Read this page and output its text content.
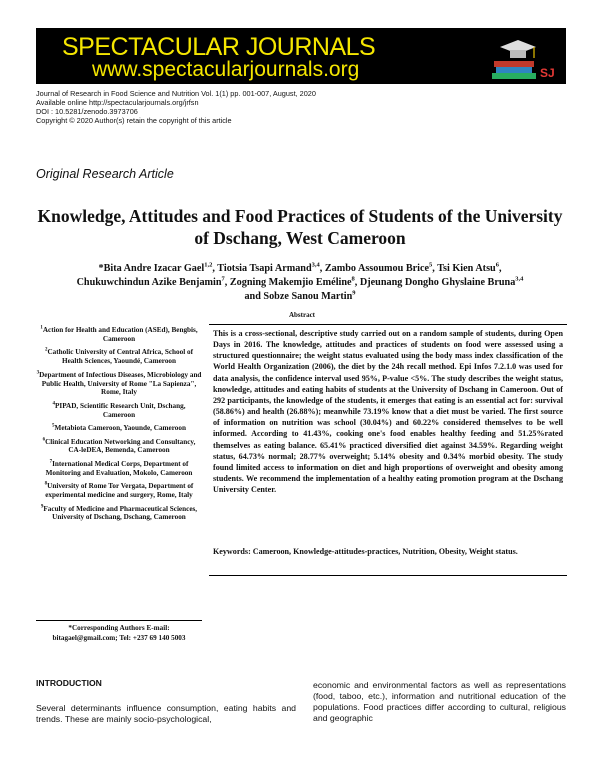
SPECTACULAR JOURNALS
www.spectacularjournals.org	SJ
Journal of Research in Food Science and Nutrition Vol. 1(1) pp. 001-007, August, 2020
Available online http://spectacularjournals.org/jrfsn
DOI : 10.5281/zenodo.3973706
Copyright © 2020 Author(s) retain the copyright of this article
Original Research Article
Knowledge, Attitudes and Food Practices of Students of the University of Dschang, West Cameroon
*Bita Andre Izacar Gael$^{1,2}$, Tiotsia Tsapi Armand$^{3,4}$, Zambo Assoumou Brice$^5$, Tsi Kien Atsu$^6$,
Chukuwchindun Azike Benjamin$^7$, Zogning Makemjio Eméline$^8$, Djeunang Dongho Ghyslaine Bruna$^{3,4}$
and Sobze Sanou Martin$^9$
Abstract

$^1$Action for Health and Education (ASEd), Bengbis, Cameroon

$^2$Catholic University of Central Africa, School of Health Sciences, Yaoundé, Cameroon

$^3$Department of Infectious Diseases, Microbiology and Public Health, University of Rome "La Sapienza", Rome, Italy

$^4$PIPAD, Scientific Research Unit, Dschang, Cameroon

$^5$Metabiota Cameroon, Yaounde, Cameroon

$^6$Clinical Education Networking and Consultancy, CA-leDEA, Bemenda, Cameroon

$^7$International Medical Corps, Department of Monitoring and Evaluation, Mokolo, Cameroon

$^8$University of Rome Tor Vergata, Department of experimental medicine and surgery, Rome, Italy

$^9$Faculty of Medicine and Pharmaceutical Sciences, University of Dschang, Dschang, Cameroon

*Corresponding Authors E-mail: bitagael@gmail.com; Tel: +237 69 140 5003

This is a cross-sectional, descriptive study carried out on a random sample of students, during Open Days in 2016. The knowledge, attitudes and practices of students on food were assessed using a structured questionnaire; the weight status evaluated using the body mass index classification of the World Health Organization (2006), the diet by the 24h recall method. Epi Infos 7.2.1.0 was used for data analysis, the confidence interval used 95%, P-value <5%. The study describes the weight status, knowledge, attitudes and eating habits of students at the University of Dschang in Cameroon. Out of 292 participants, the knowledge of the students, it emerges that eating is an essential act for: survival (58.86%) and health (26.88%); meanwhile 73.19% know that a diet must be varied. The first source of information on nutrition was school (30.04%) and 60.22% considered themselves to be well informed. According to 41.43%, cooking one's food enables healthy feeding and 51.25%rated themselves as eating balance. 65.41% practiced diversified diet against 34.59%. Regarding weight status, 64.73% normal; 28.77% overweight; 5.14% obesity and 0.34% morbid obesity. The study found limited access to information on diet and high proportions of overweight and obesity among students. We recommend the implementation of a healthy eating promotion program at the Dschang University Center.

Keywords: Cameroon, Knowledge-attitudes-practices, Nutrition, Obesity, Weight status.

INTRODUCTION

Several determinants influence consumption, eating habits and trends. These are mainly socio-psychological,

economic and environmental factors as well as representations (food, taboo, etc.), information and nutritional education of the populations. Food practices differ according to cultural, religious and geographic
